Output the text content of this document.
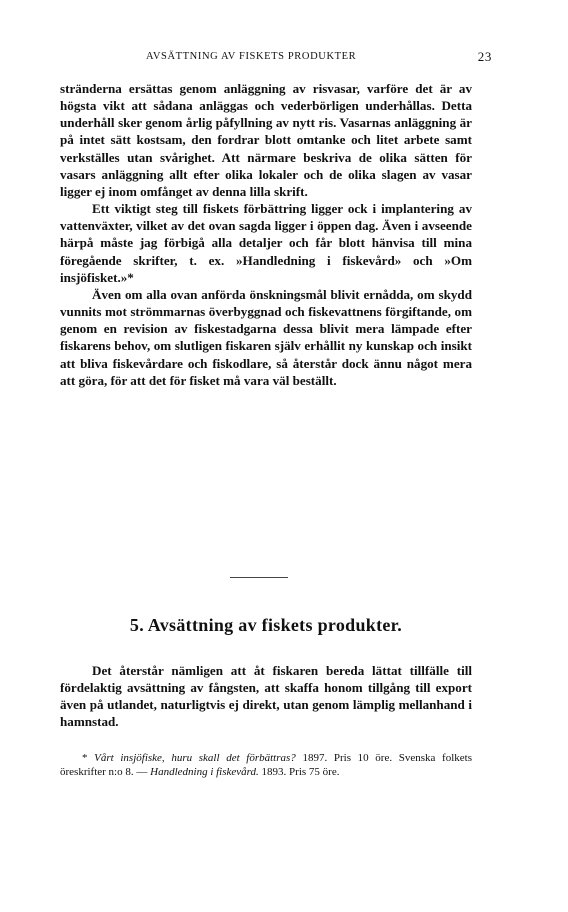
AVSÄTTNING AV FISKETS PRODUKTER	23

stränderna ersättas genom anläggning av risvasar, varföre det är av högsta vikt att sådana anläggas och vederbörligen underhållas. Detta underhåll sker genom årlig påfyllning av nytt ris. Vasarnas anläggning är på intet sätt kostsam, den fordrar blott omtanke och litet arbete samt verkställes utan svårighet. Att närmare beskriva de olika sätten för vasars anläggning allt efter olika lokaler och de olika slagen av vasar ligger ej inom omfånget av denna lilla skrift.

Ett viktigt steg till fiskets förbättring ligger ock i implantering av vattenväxter, vilket av det ovan sagda ligger i öppen dag. Även i avseende härpå måste jag förbigå alla detaljer och får blott hänvisa till mina föregående skrifter, t. ex. »Handledning i fiskevård» och »Om insjöfisket.»*

Även om alla ovan anförda önskningsmål blivit ernådda, om skydd vunnits mot strömmarnas överbyggnad och fiskevattnens förgiftande, om genom en revision av fiskestadgarna dessa blivit mera lämpade efter fiskarens behov, om slutligen fiskaren själv erhållit ny kunskap och insikt att bliva fiskevårdare och fiskodlare, så återstår dock ännu något mera att göra, för att det för fisket må vara väl beställt.

5. Avsättning av fiskets produkter.

Det återstår nämligen att åt fiskaren bereda lättat tillfälle till fördelaktig avsättning av fångsten, att skaffa honom tillgång till export även på utlandet, naturligtvis ej direkt, utan genom lämplig mellanhand i hamnstad.

* Vårt insjöfiske, huru skall det förbättras? 1897. Pris 10 öre. Svenska folkets öreskrifter n:o 8. — Handledning i fiskevård. 1893. Pris 75 öre.
